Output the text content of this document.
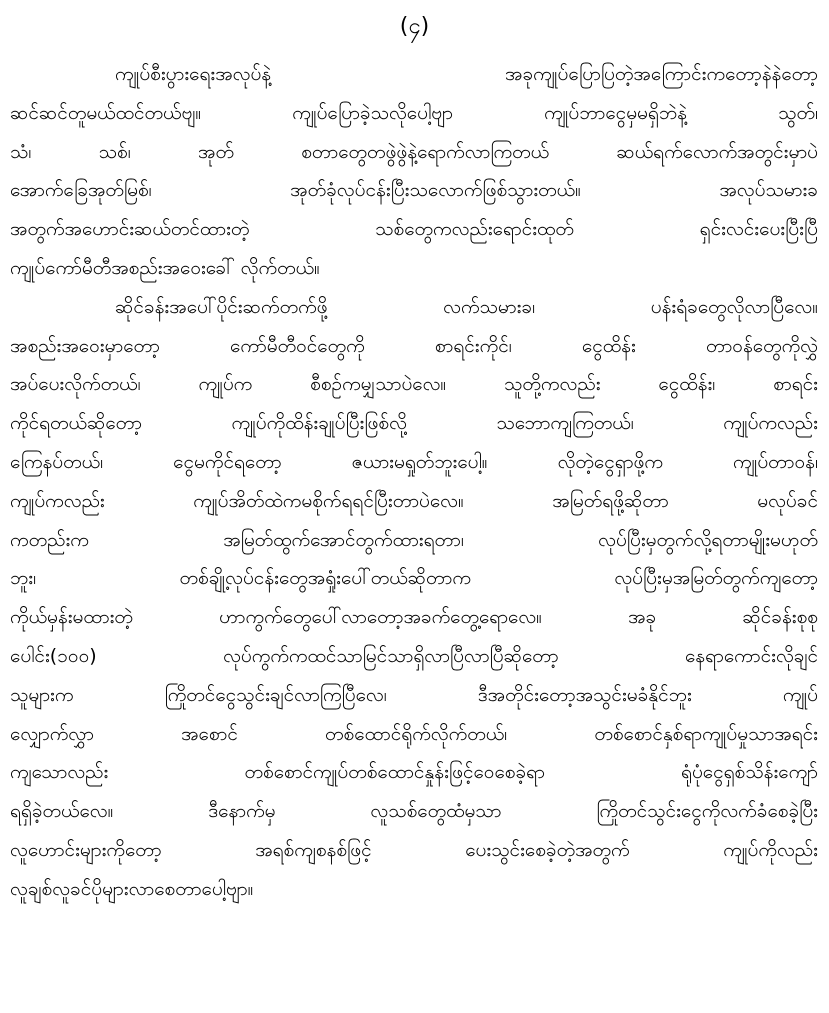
(၄)
ကျုပ်စီးပွားရေးအလုပ်နဲ့ အခုကျုပ်ပြောပြတဲ့အကြောင်းကတော့နဲနဲတော့
ဆင်ဆင်တူမယ်ထင်တယ်ဗျ။ ကျုပ်ပြောခဲ့သလိုပေါ့ဗျာ ကျုပ်ဘာငွေမှမရှိဘဲနဲ့ သွတ်၊
သံ၊ သစ်၊ အုတ် စတာတွေတဖွဲဖွဲနဲ့ရောက်လာကြတယ် ဆယ်ရက်လောက်အတွင်းမှာပဲ
အောက်ခြေအုတ်မြစ်၊ အုတ်ခုံလုပ်ငန်းပြီးသလောက်ဖြစ်သွားတယ်။ အလုပ်သမားခ
အတွက်အဟောင်းဆယ်တင်ထားတဲ့ သစ်တွေကလည်းရောင်းထုတ် ရှင်းလင်းပေးပြီးပြီ
ကျုပ်ကော်မီတီအစည်းအဝေးခေါ် လိုက်တယ်။
ဆိုင်ခန်းအပေါ်ပိုင်းဆက်တက်ဖို့ လက်သမားခ၊ ပန်းရံခတွေလိုလာပြီလေ။
အစည်းအဝေးမှာတော့ ကော်မီတီဝင်တွေကို စာရင်းကိုင်၊ ငွေထိန်း တာဝန်တွေကိုလွှဲ
အပ်ပေးလိုက်တယ်၊ ကျုပ်က စီစဉ်ကမျှသာပဲလေ။ သူတို့ကလည်း ငွေထိန်း၊ စာရင်း
ကိုင်ရတယ်ဆိုတော့ ကျုပ်ကိုထိန်းချုပ်ပြီးဖြစ်လို့ သဘောကျကြတယ်၊ ကျုပ်ကလည်း
ကြေနပ်တယ်၊ ငွေမကိုင်ရတော့ ဇယားမရှုတ်ဘူးပေါ့။ လိုတဲ့ငွေရှာဖို့က ကျုပ်တာဝန်၊
ကျုပ်ကလည်း ကျုပ်အိတ်ထဲကမစိုက်ရရင်ပြီးတာပဲလေ။ အမြတ်ရဖို့ဆိုတာ မလုပ်ခင်
ကတည်းက အမြတ်ထွက်အောင်တွက်ထားရတာ၊ လုပ်ပြီးမှတွက်လို့ရတာမျိုးမဟုတ်
ဘူး၊ တစ်ချို့လုပ်ငန်းတွေအရှုံးပေါ်တယ်ဆိုတာက လုပ်ပြီးမှအမြတ်တွက်ကျတော့
ကိုယ်မှန်းမထားတဲ့ ဟာကွက်တွေပေါ်လာတော့အခက်တွေ့ရောလေ။ အခု ဆိုင်ခန်းစုစု
ပေါင်း(၁၀၀) လုပ်ကွက်ကထင်သာမြင်သာရှိလာပြီလာပြီဆိုတော့ နေရာကောင်းလိုချင်
သူများက ကြိုတင်ငွေသွင်းချင်လာကြပြီလေ၊ ဒီအတိုင်းတော့အသွင်းမခံနိုင်ဘူး ကျုပ်
လျှောက်လွှာ အစောင် တစ်ထောင်ရိုက်လိုက်တယ်၊ တစ်စောင်နှစ်ရာကျုပ်မှုသာအရင်း
ကျသောလည်း တစ်စောင်ကျုပ်တစ်ထောင်နှုန်းဖြင့်ဝေစေခဲ့ရာ ရုံပုံငွေရှစ်သိန်းကျော်
ရရှိခဲ့တယ်လေ။ ဒီနောက်မှ လူသစ်တွေထံမှသာ ကြိုတင်သွင်းငွေကိုလက်ခံစေခဲ့ပြီး
လူဟောင်းများကိုတော့ အရစ်ကျစနစ်ဖြင့် ပေးသွင်းစေခဲ့တဲ့အတွက် ကျုပ်ကိုလည်း
လူချစ်လူခင်ပိုများလာစေတာပေါ့ဗျာ။
